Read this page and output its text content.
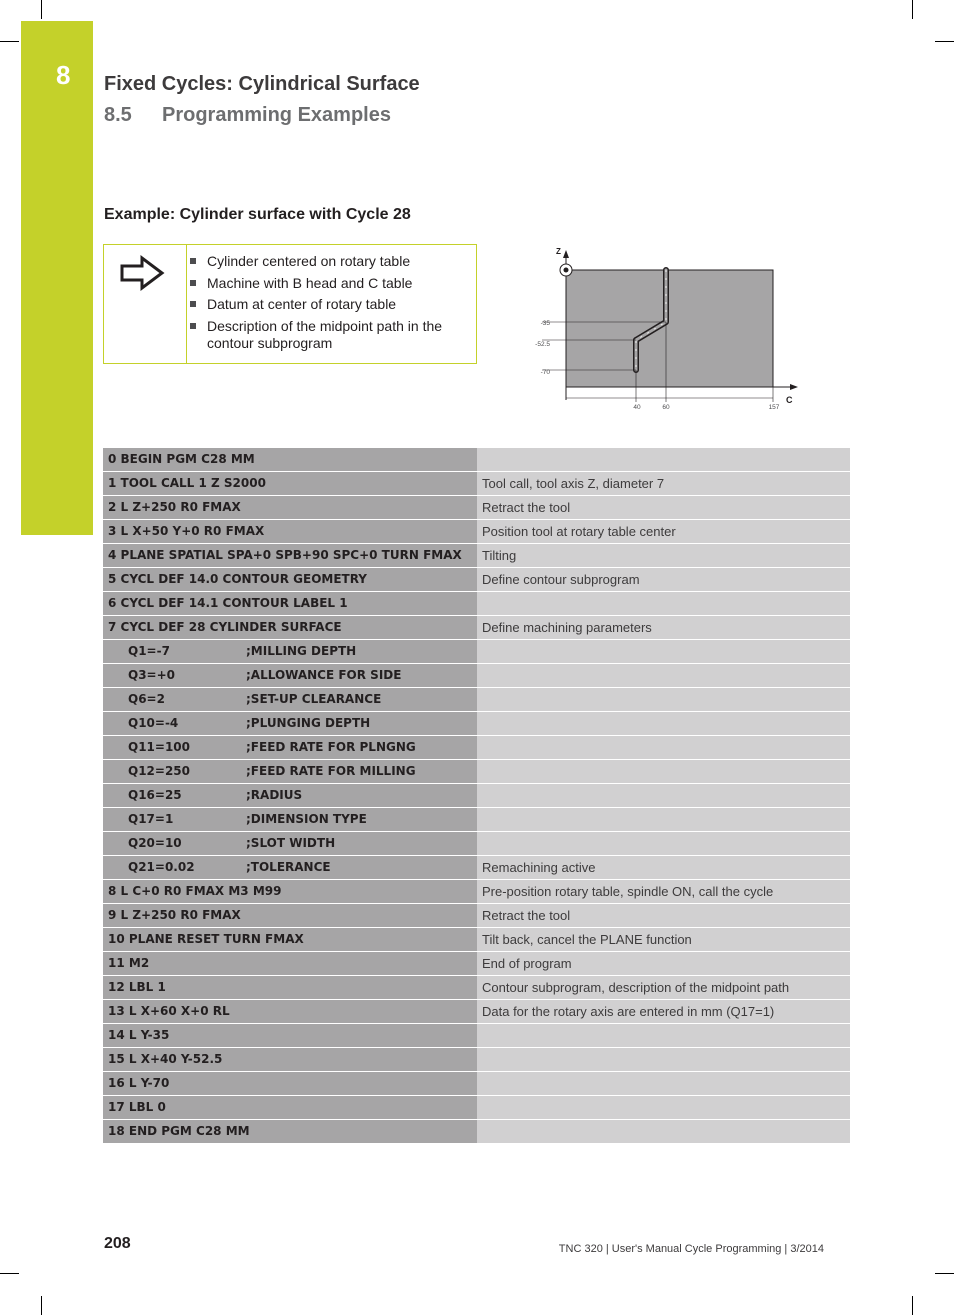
8 Fixed Cycles: Cylindrical Surface
8.5 Programming Examples
Example: Cylinder surface with Cycle 28
Cylinder centered on rotary table
Machine with B head and C table
Datum at center of rotary table
Description of the midpoint path in the contour subprogram
Z
C
-35
-52.5
-70
40	60	157
0 BEGIN PGM C28 MM
1 TOOL CALL 1 Z S2000	Tool call, tool axis Z, diameter 7
2 L Z+250 R0 FMAX	Retract the tool
3 L X+50 Y+0 R0 FMAX	Position tool at rotary table center
4 PLANE SPATIAL SPA+0 SPB+90 SPC+0 TURN FMAX	Tilting
5 CYCL DEF 14.0 CONTOUR GEOMETRY	Define contour subprogram
6 CYCL DEF 14.1 CONTOUR LABEL 1
7 CYCL DEF 28 CYLINDER SURFACE	Define machining parameters
Q1=-7	;MILLING DEPTH
Q3=+0	;ALLOWANCE FOR SIDE
Q6=2	;SET-UP CLEARANCE
Q10=-4	;PLUNGING DEPTH
Q11=100	;FEED RATE FOR PLNGNG
Q12=250	;FEED RATE FOR MILLING
Q16=25	;RADIUS
Q17=1	;DIMENSION TYPE
Q20=10	;SLOT WIDTH
Q21=0.02	;TOLERANCE	Remachining active
8 L C+0 R0 FMAX M3 M99	Pre-position rotary table, spindle ON, call the cycle
9 L Z+250 R0 FMAX	Retract the tool
10 PLANE RESET TURN FMAX	Tilt back, cancel the PLANE function
11 M2	End of program
12 LBL 1	Contour subprogram, description of the midpoint path
13 L X+60 X+0 RL	Data for the rotary axis are entered in mm (Q17=1)
14 L Y-35
15 L X+40 Y-52.5
16 L Y-70
17 LBL 0
18 END PGM C28 MM
208	TNC 320 | User's Manual Cycle Programming | 3/2014
